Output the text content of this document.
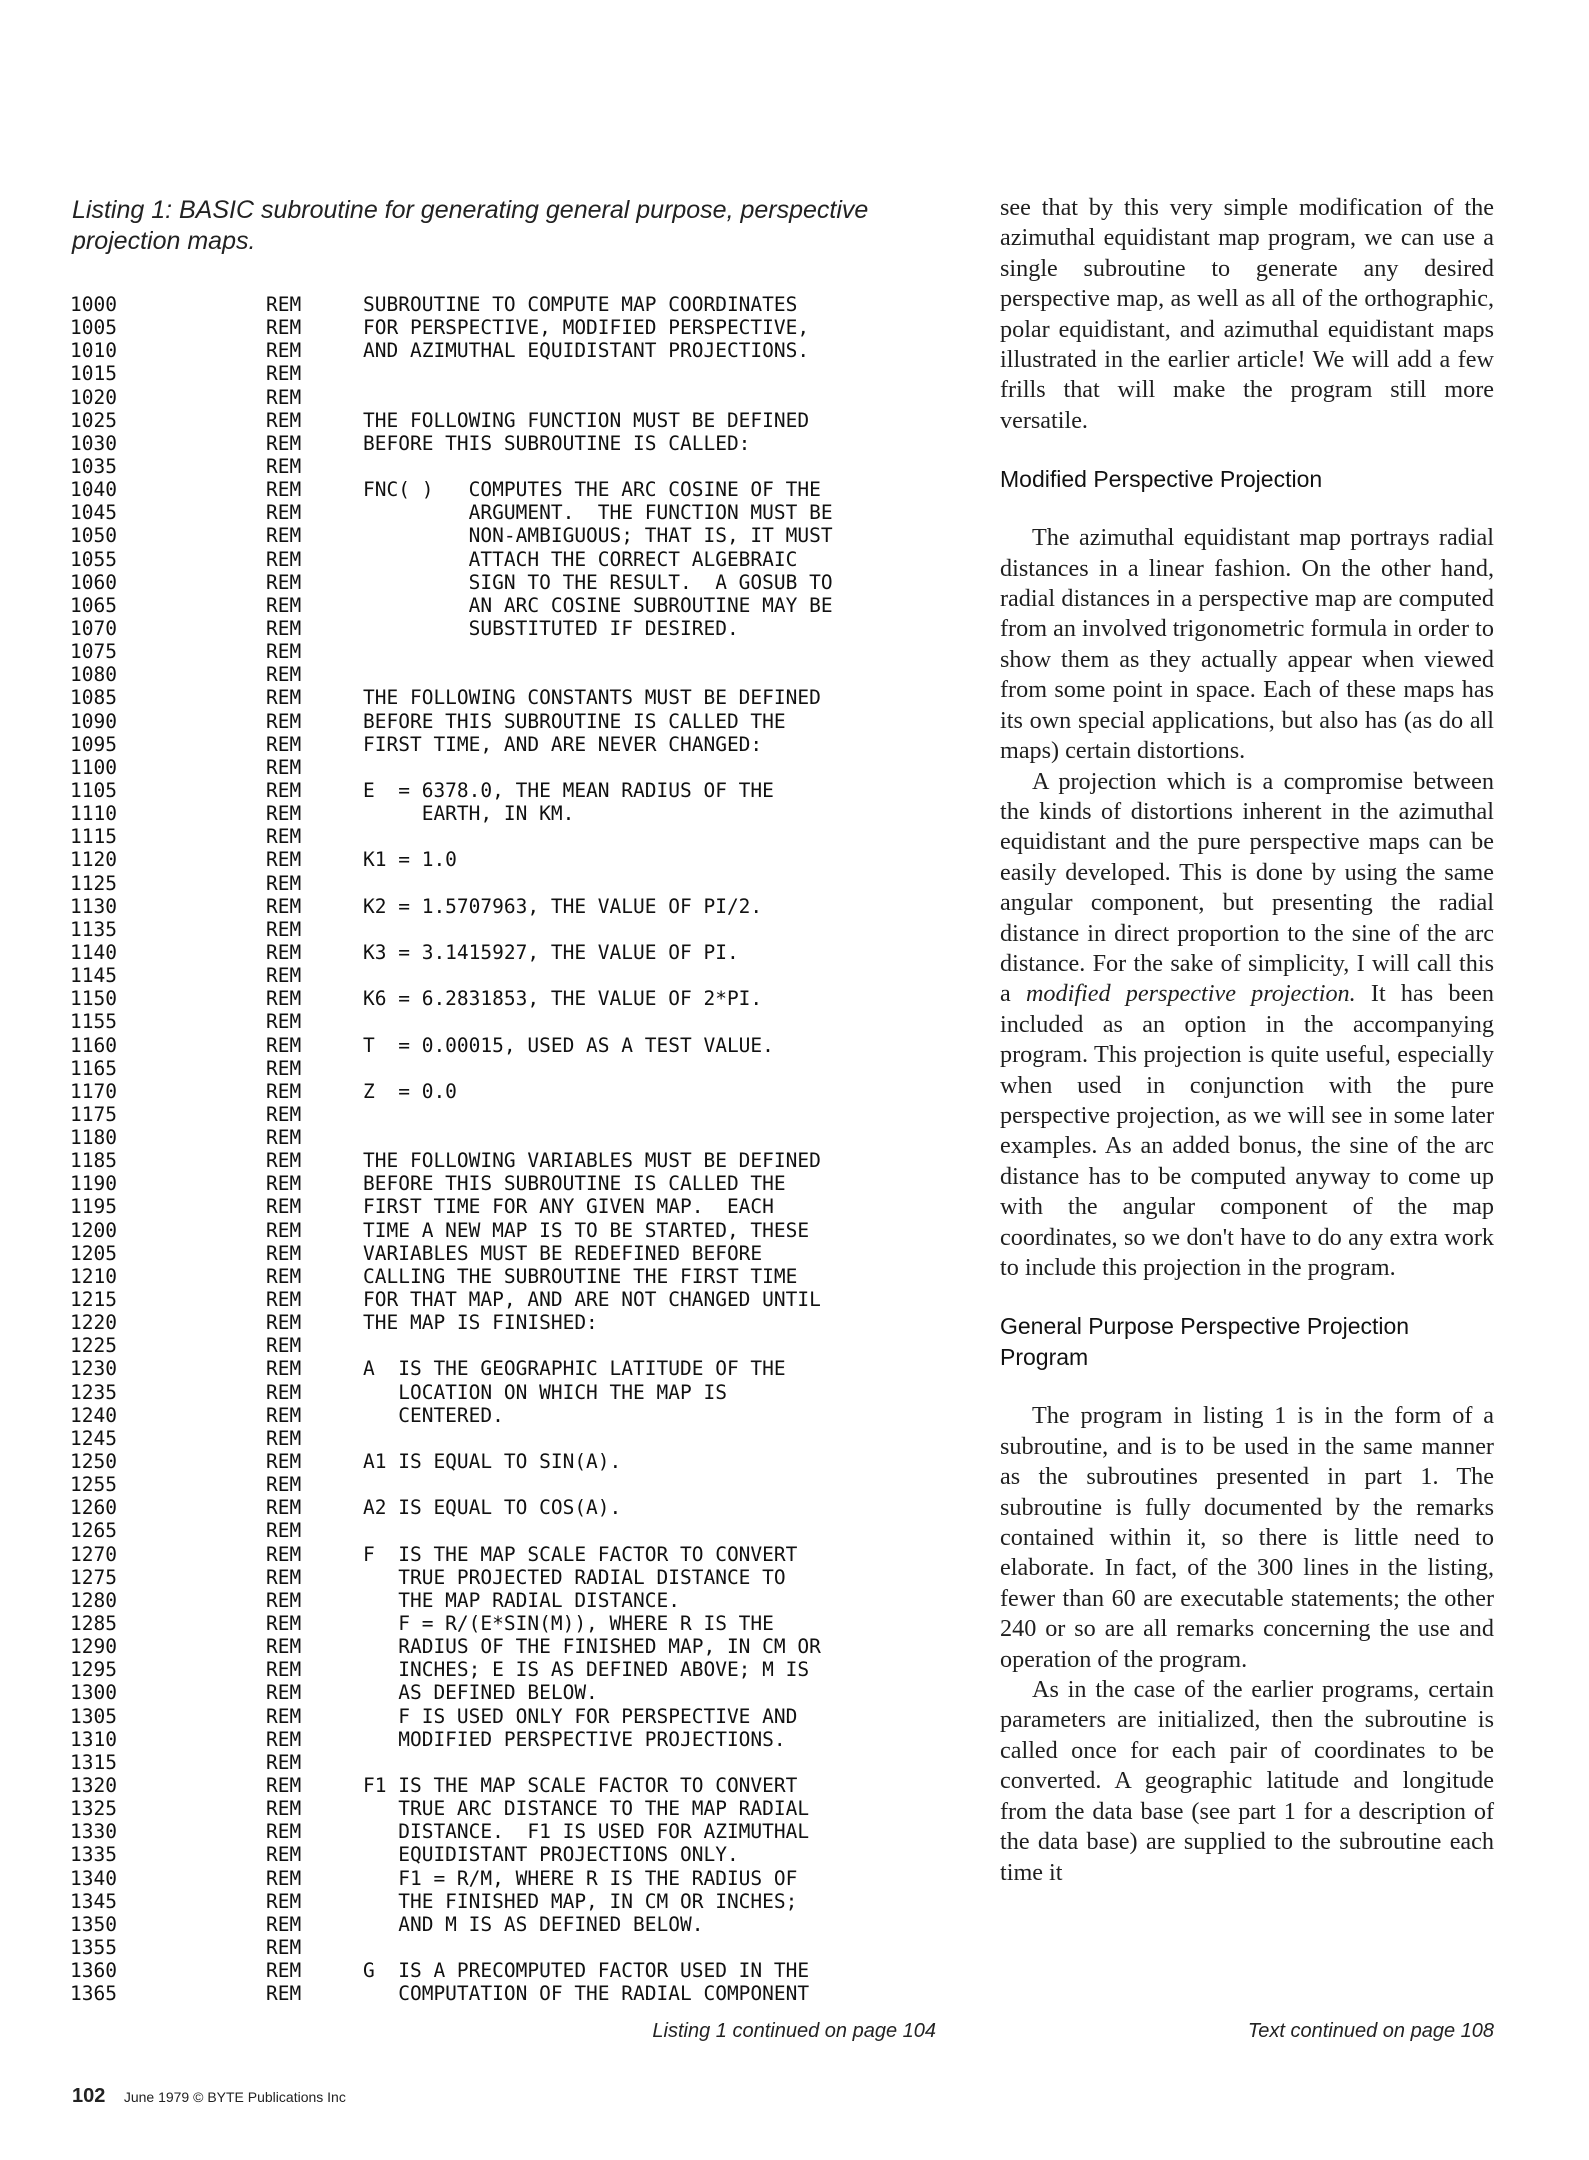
Listing 1: BASIC subroutine for generating general purpose, perspective projection maps.
1000	REM	SUBROUTINE TO COMPUTE MAP COORDINATES
1005	REM	FOR PERSPECTIVE, MODIFIED PERSPECTIVE,
1010	REM	AND AZIMUTHAL EQUIDISTANT PROJECTIONS.
1015	REM
1020	REM
1025	REM	THE FOLLOWING FUNCTION MUST BE DEFINED
1030	REM	BEFORE THIS SUBROUTINE IS CALLED:
1035	REM
1040	REM	FNC( )   COMPUTES THE ARC COSINE OF THE
1045	REM	ARGUMENT.  THE FUNCTION MUST BE
1050	REM	NON-AMBIGUOUS; THAT IS, IT MUST
1055	REM	ATTACH THE CORRECT ALGEBRAIC
1060	REM	SIGN TO THE RESULT.  A GOSUB TO
1065	REM	AN ARC COSINE SUBROUTINE MAY BE
1070	REM	SUBSTITUTED IF DESIRED.
1075	REM
1080	REM
1085	REM	THE FOLLOWING CONSTANTS MUST BE DEFINED
1090	REM	BEFORE THIS SUBROUTINE IS CALLED THE
1095	REM	FIRST TIME, AND ARE NEVER CHANGED:
1100	REM
1105	REM	E  = 6378.0, THE MEAN RADIUS OF THE
1110	REM	EARTH, IN KM.
1115	REM
1120	REM	K1 = 1.0
1125	REM
1130	REM	K2 = 1.5707963, THE VALUE OF PI/2.
1135	REM
1140	REM	K3 = 3.1415927, THE VALUE OF PI.
1145	REM
1150	REM	K6 = 6.2831853, THE VALUE OF 2*PI.
1155	REM
1160	REM	T  = 0.00015, USED AS A TEST VALUE.
1165	REM
1170	REM	Z  = 0.0
1175	REM
1180	REM
1185	REM	THE FOLLOWING VARIABLES MUST BE DEFINED
1190	REM	BEFORE THIS SUBROUTINE IS CALLED THE
1195	REM	FIRST TIME FOR ANY GIVEN MAP.  EACH
1200	REM	TIME A NEW MAP IS TO BE STARTED, THESE
1205	REM	VARIABLES MUST BE REDEFINED BEFORE
1210	REM	CALLING THE SUBROUTINE THE FIRST TIME
1215	REM	FOR THAT MAP, AND ARE NOT CHANGED UNTIL
1220	REM	THE MAP IS FINISHED:
1225	REM
1230	REM	A  IS THE GEOGRAPHIC LATITUDE OF THE
1235	REM	LOCATION ON WHICH THE MAP IS
1240	REM	CENTERED.
1245	REM
1250	REM	A1 IS EQUAL TO SIN(A).
1255	REM
1260	REM	A2 IS EQUAL TO COS(A).
1265	REM
1270	REM	F  IS THE MAP SCALE FACTOR TO CONVERT
1275	REM	TRUE PROJECTED RADIAL DISTANCE TO
1280	REM	THE MAP RADIAL DISTANCE.
1285	REM	F = R/(E*SIN(M)), WHERE R IS THE
1290	REM	RADIUS OF THE FINISHED MAP, IN CM OR
1295	REM	INCHES; E IS AS DEFINED ABOVE; M IS
1300	REM	AS DEFINED BELOW.
1305	REM	F IS USED ONLY FOR PERSPECTIVE AND
1310	REM	MODIFIED PERSPECTIVE PROJECTIONS.
1315	REM
1320	REM	F1 IS THE MAP SCALE FACTOR TO CONVERT
1325	REM	TRUE ARC DISTANCE TO THE MAP RADIAL
1330	REM	DISTANCE.  F1 IS USED FOR AZIMUTHAL
1335	REM	EQUIDISTANT PROJECTIONS ONLY.
1340	REM	F1 = R/M, WHERE R IS THE RADIUS OF
1345	REM	THE FINISHED MAP, IN CM OR INCHES;
1350	REM	AND M IS AS DEFINED BELOW.
1355	REM
1360	REM	G  IS A PRECOMPUTED FACTOR USED IN THE
1365	REM	COMPUTATION OF THE RADIAL COMPONENT
Listing 1 continued on page 104

see that by this very simple modification of the azimuthal equidistant map program, we can use a single subroutine to generate any desired perspective map, as well as all of the orthographic, polar equidistant, and azimuthal equidistant maps illustrated in the earlier article! We will add a few frills that will make the program still more versatile.

Modified Perspective Projection

The azimuthal equidistant map portrays radial distances in a linear fashion. On the other hand, radial distances in a perspective map are computed from an involved trigonometric formula in order to show them as they actually appear when viewed from some point in space. Each of these maps has its own special applications, but also has (as do all maps) certain distortions.

A projection which is a compromise between the kinds of distortions inherent in the azimuthal equidistant and the pure perspective maps can be easily developed. This is done by using the same angular component, but presenting the radial distance in direct proportion to the sine of the arc distance. For the sake of simplicity, I will call this a modified perspective projection. It has been included as an option in the accompanying program. This projection is quite useful, especially when used in conjunction with the pure perspective projection, as we will see in some later examples. As an added bonus, the sine of the arc distance has to be computed anyway to come up with the angular component of the map coordinates, so we don't have to do any extra work to include this projection in the program.

General Purpose Perspective Projection Program

The program in listing 1 is in the form of a subroutine, and is to be used in the same manner as the subroutines presented in part 1. The subroutine is fully documented by the remarks contained within it, so there is little need to elaborate. In fact, of the 300 lines in the listing, fewer than 60 are executable statements; the other 240 or so are all remarks concerning the use and operation of the program.

As in the case of the earlier programs, certain parameters are initialized, then the subroutine is called once for each pair of coordinates to be converted. A geographic latitude and longitude from the data base (see part 1 for a description of the data base) are supplied to the subroutine each time it

Text continued on page 108
102 June 1979 © BYTE Publications Inc
